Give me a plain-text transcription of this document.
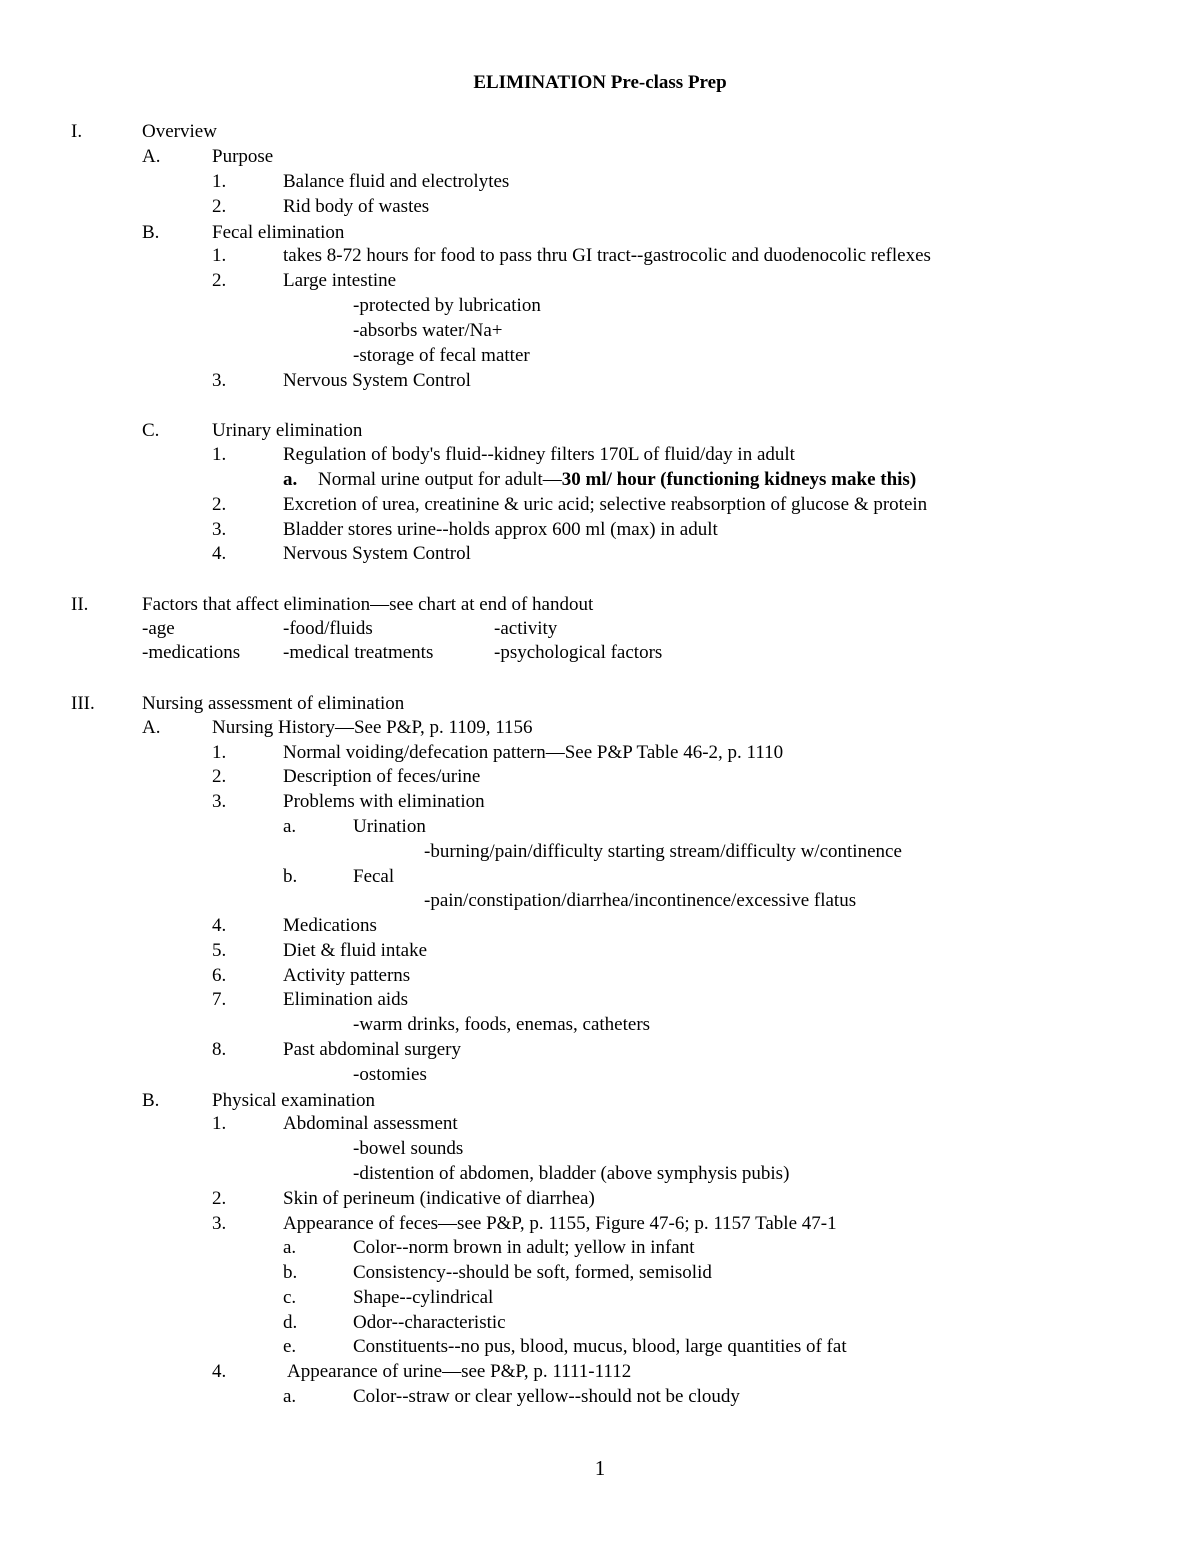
ELIMINATION Pre-class Prep
I.	Overview
A.	Purpose
1.	Balance fluid and electrolytes
2.	Rid body of wastes
B.	Fecal elimination
1.	takes 8-72 hours for food to pass thru GI tract--gastrocolic and duodenocolic reflexes
2.	Large intestine
-protected by lubrication
-absorbs water/Na+
-storage of fecal matter
3.	Nervous System Control
C.	Urinary elimination
1.	Regulation of body's fluid--kidney filters 170L of fluid/day in adult
a. Normal urine output for adult—30 ml/ hour (functioning kidneys make this)
2.	Excretion of urea, creatinine & uric acid; selective reabsorption of glucose & protein
3.	Bladder stores urine--holds approx 600 ml (max) in adult
4.	Nervous System Control
II.	Factors that affect elimination—see chart at end of handout
-age	-food/fluids	-activity
-medications -medical treatments	-psychological factors
III. Nursing assessment of elimination
A.	Nursing History—See P&P, p. 1109, 1156
1.	Normal voiding/defecation pattern—See P&P Table 46-2, p. 1110
2.	Description of feces/urine
3.	Problems with elimination
a.	Urination
-burning/pain/difficulty starting stream/difficulty w/continence
b.	Fecal
-pain/constipation/diarrhea/incontinence/excessive flatus
4.	Medications
5.	Diet & fluid intake
6.	Activity patterns
7.	Elimination aids
-warm drinks, foods, enemas, catheters
8.	Past abdominal surgery
-ostomies
B.	Physical examination
1.	Abdominal assessment
-bowel sounds
-distention of abdomen, bladder (above symphysis pubis)
2.	Skin of perineum (indicative of diarrhea)
3.	Appearance of feces—see P&P, p. 1155, Figure 47-6; p. 1157 Table 47-1
a.	Color--norm brown in adult; yellow in infant
b.	Consistency--should be soft, formed, semisolid
c.	Shape--cylindrical
d.	Odor--characteristic
e.	Constituents--no pus, blood, mucus, blood, large quantities of fat
4.	Appearance of urine—see P&P, p. 1111-1112
a.	Color--straw or clear yellow--should not be cloudy
1
